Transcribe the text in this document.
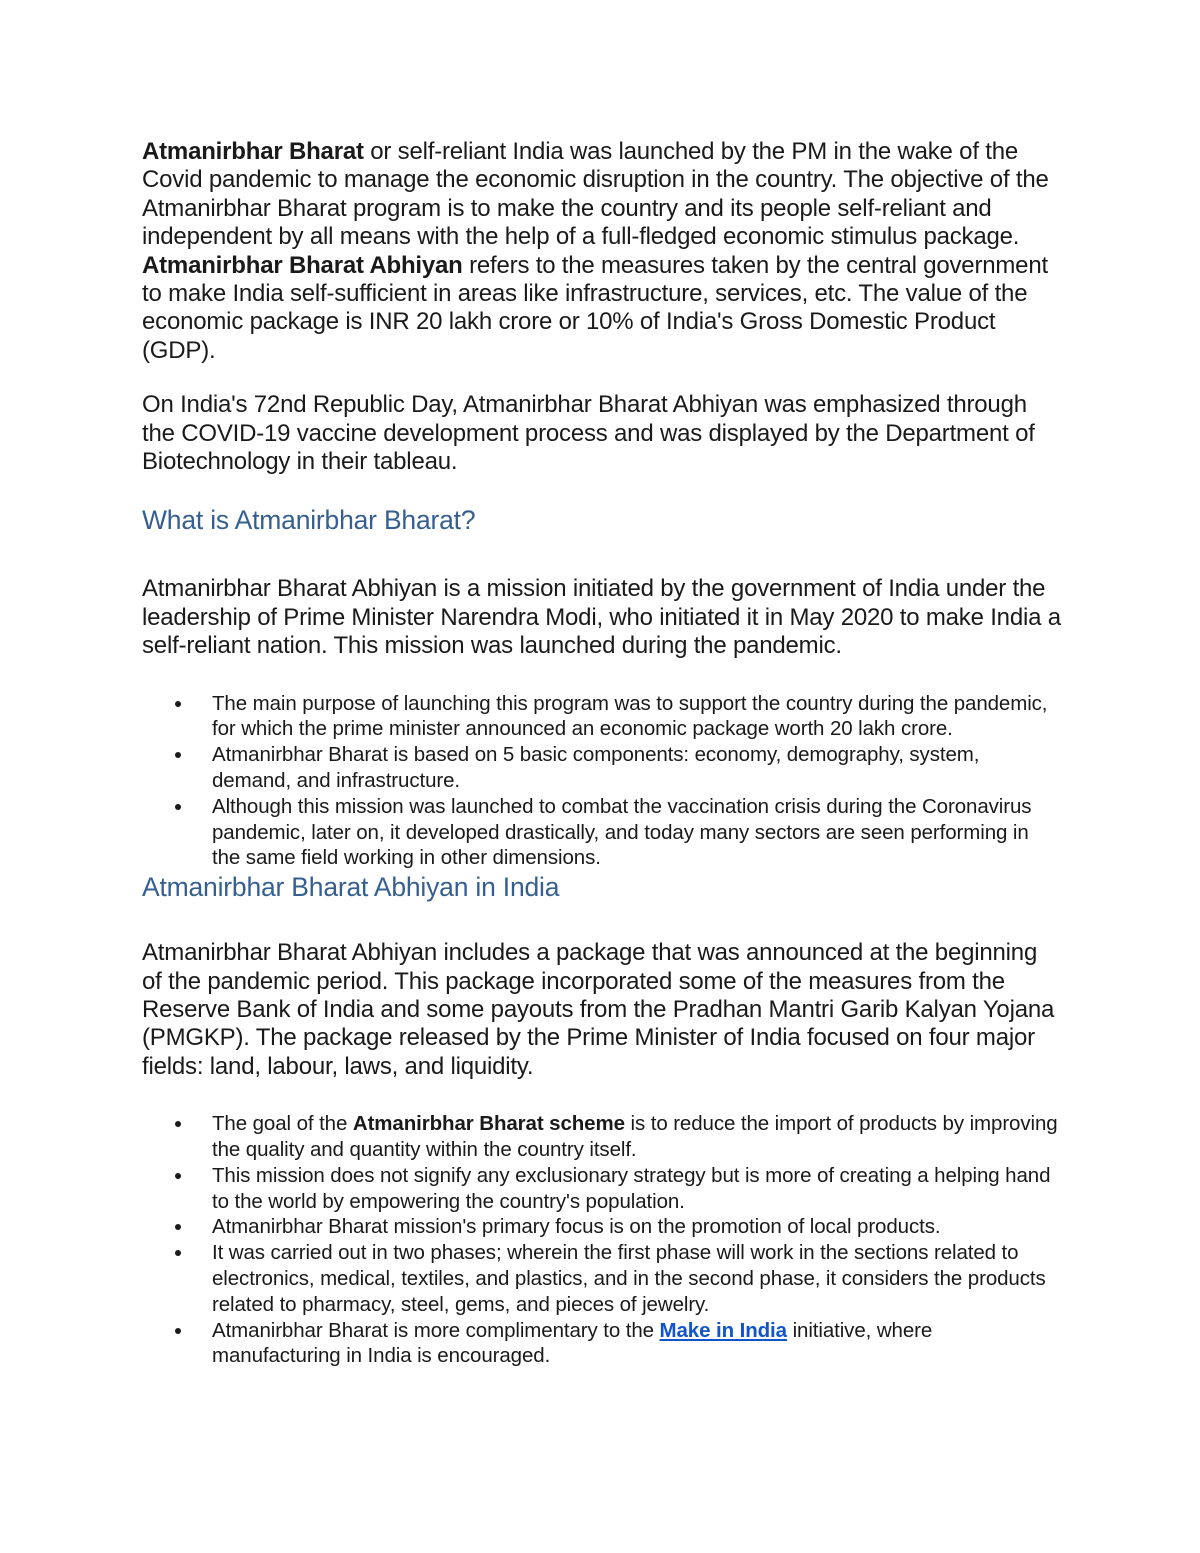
Atmanirbhar Bharat or self-reliant India was launched by the PM in the wake of the Covid pandemic to manage the economic disruption in the country. The objective of the Atmanirbhar Bharat program is to make the country and its people self-reliant and independent by all means with the help of a full-fledged economic stimulus package. Atmanirbhar Bharat Abhiyan refers to the measures taken by the central government to make India self-sufficient in areas like infrastructure, services, etc. The value of the economic package is INR 20 lakh crore or 10% of India's Gross Domestic Product (GDP).

On India's 72nd Republic Day, Atmanirbhar Bharat Abhiyan was emphasized through the COVID-19 vaccine development process and was displayed by the Department of Biotechnology in their tableau.

What is Atmanirbhar Bharat?

Atmanirbhar Bharat Abhiyan is a mission initiated by the government of India under the leadership of Prime Minister Narendra Modi, who initiated it in May 2020 to make India a self-reliant nation. This mission was launched during the pandemic.

The main purpose of launching this program was to support the country during the pandemic, for which the prime minister announced an economic package worth 20 lakh crore.
Atmanirbhar Bharat is based on 5 basic components: economy, demography, system, demand, and infrastructure.
Although this mission was launched to combat the vaccination crisis during the Coronavirus pandemic, later on, it developed drastically, and today many sectors are seen performing in the same field working in other dimensions.
Atmanirbhar Bharat Abhiyan in India

Atmanirbhar Bharat Abhiyan includes a package that was announced at the beginning of the pandemic period. This package incorporated some of the measures from the Reserve Bank of India and some payouts from the Pradhan Mantri Garib Kalyan Yojana (PMGKP). The package released by the Prime Minister of India focused on four major fields: land, labour, laws, and liquidity.

The goal of the Atmanirbhar Bharat scheme is to reduce the import of products by improving the quality and quantity within the country itself.
This mission does not signify any exclusionary strategy but is more of creating a helping hand to the world by empowering the country's population.
Atmanirbhar Bharat mission's primary focus is on the promotion of local products.
It was carried out in two phases; wherein the first phase will work in the sections related to electronics, medical, textiles, and plastics, and in the second phase, it considers the products related to pharmacy, steel, gems, and pieces of jewelry.
Atmanirbhar Bharat is more complimentary to the Make in India initiative, where manufacturing in India is encouraged.
